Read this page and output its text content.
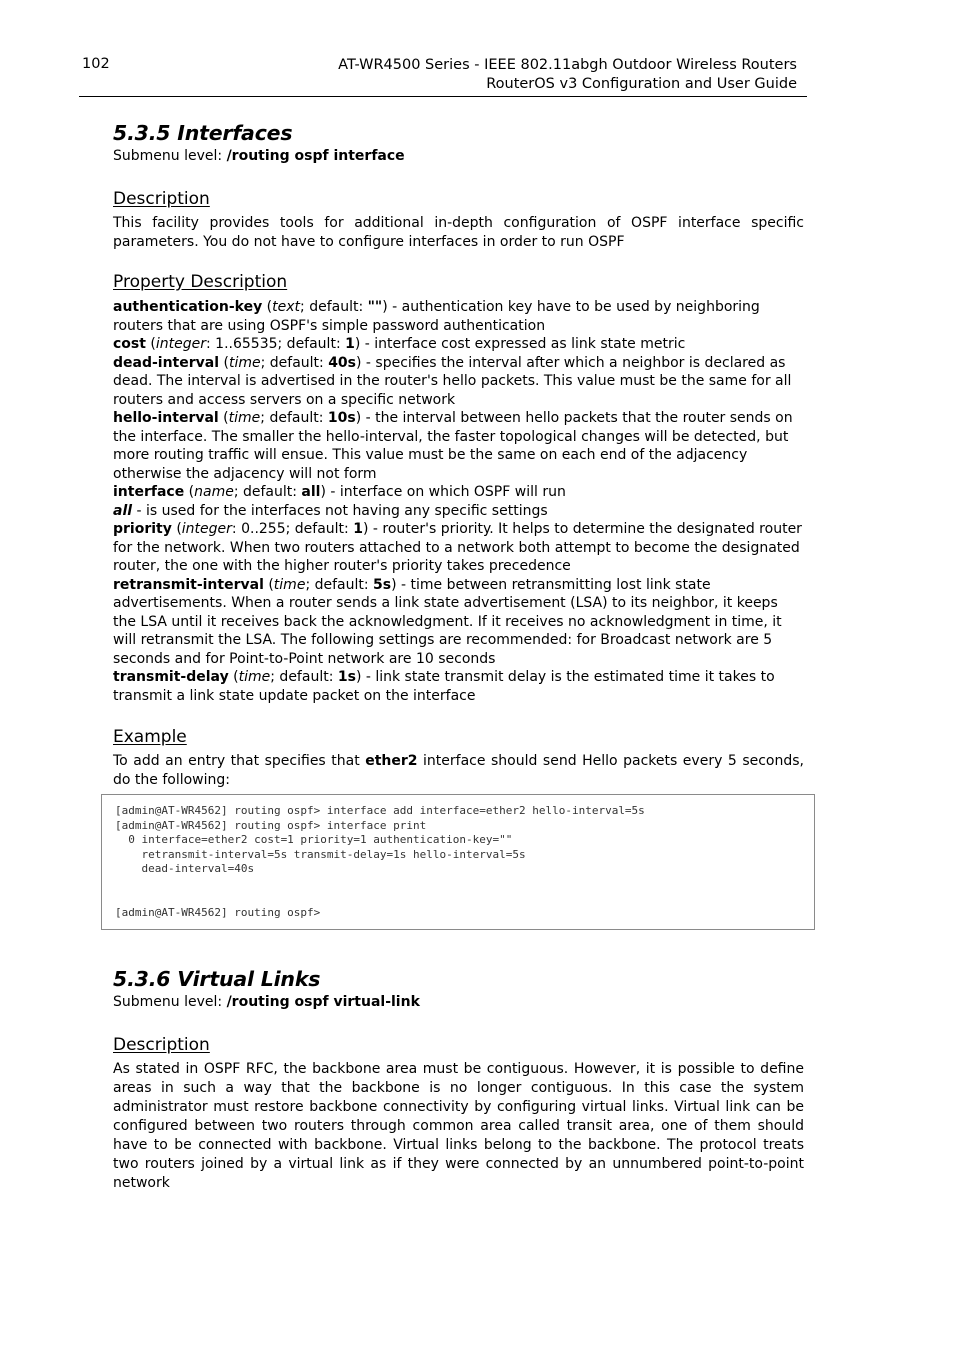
102	AT-WR4500 Series - IEEE 802.11abgh Outdoor Wireless Routers
RouterOS v3 Configuration and User Guide
5.3.5 Interfaces
Submenu level: /routing ospf interface
Description

This facility provides tools for additional in-depth configuration of OSPF interface specific parameters. You do not have to configure interfaces in order to run OSPF

Property Description

authentication-key (text; default: "") - authentication key have to be used by neighboring routers that are using OSPF's simple password authentication

cost (integer: 1..65535; default: 1) - interface cost expressed as link state metric

dead-interval (time; default: 40s) - specifies the interval after which a neighbor is declared as dead. The interval is advertised in the router's hello packets. This value must be the same for all routers and access servers on a specific network

hello-interval (time; default: 10s) - the interval between hello packets that the router sends on the interface. The smaller the hello-interval, the faster topological changes will be detected, but more routing traffic will ensue. This value must be the same on each end of the adjacency otherwise the adjacency will not form

interface (name; default: all) - interface on which OSPF will run

all - is used for the interfaces not having any specific settings

priority (integer: 0..255; default: 1) - router's priority. It helps to determine the designated router for the network. When two routers attached to a network both attempt to become the designated router, the one with the higher router's priority takes precedence

retransmit-interval (time; default: 5s) - time between retransmitting lost link state advertisements. When a router sends a link state advertisement (LSA) to its neighbor, it keeps the LSA until it receives back the acknowledgment. If it receives no acknowledgment in time, it will retransmit the LSA. The following settings are recommended: for Broadcast network are 5 seconds and for Point-to-Point network are 10 seconds

transmit-delay (time; default: 1s) - link state transmit delay is the estimated time it takes to transmit a link state update packet on the interface

Example

To add an entry that specifies that ether2 interface should send Hello packets every 5 seconds, do the following:

[admin@AT-WR4562] routing ospf> interface add interface=ether2 hello-interval=5s
[admin@AT-WR4562] routing ospf> interface print
0 interface=ether2 cost=1 priority=1 authentication-key=""
retransmit-interval=5s transmit-delay=1s hello-interval=5s
dead-interval=40s

[admin@AT-WR4562] routing ospf>
5.3.6 Virtual Links
Submenu level: /routing ospf virtual-link
Description

As stated in OSPF RFC, the backbone area must be contiguous. However, it is possible to define areas in such a way that the backbone is no longer contiguous. In this case the system administrator must restore backbone connectivity by configuring virtual links. Virtual link can be configured between two routers through common area called transit area, one of them should have to be connected with backbone. Virtual links belong to the backbone. The protocol treats two routers joined by a virtual link as if they were connected by an unnumbered point-to-point network
